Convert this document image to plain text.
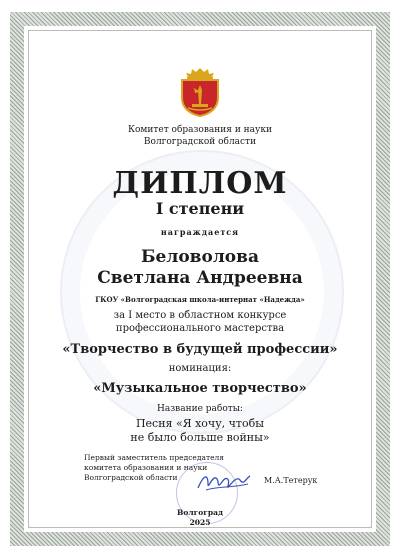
Комитет образования и науки
Волгоградской области
ДИПЛОМ
I степени
награждается
Беловолова
Светлана Андреевна
ГКОУ «Волгоградская школа-интернат «Надежда»
за I место в областном конкурсе
профессионального мастерства
«Творчество в будущей профессии»
номинация:
«Музыкальное творчество»
Название работы:
Песня «Я хочу, чтобы
не было больше войны»
Первый заместитель председателя
комитета образования и науки
Волгоградской области	М.А.Тетерук
Волгоград
2025
